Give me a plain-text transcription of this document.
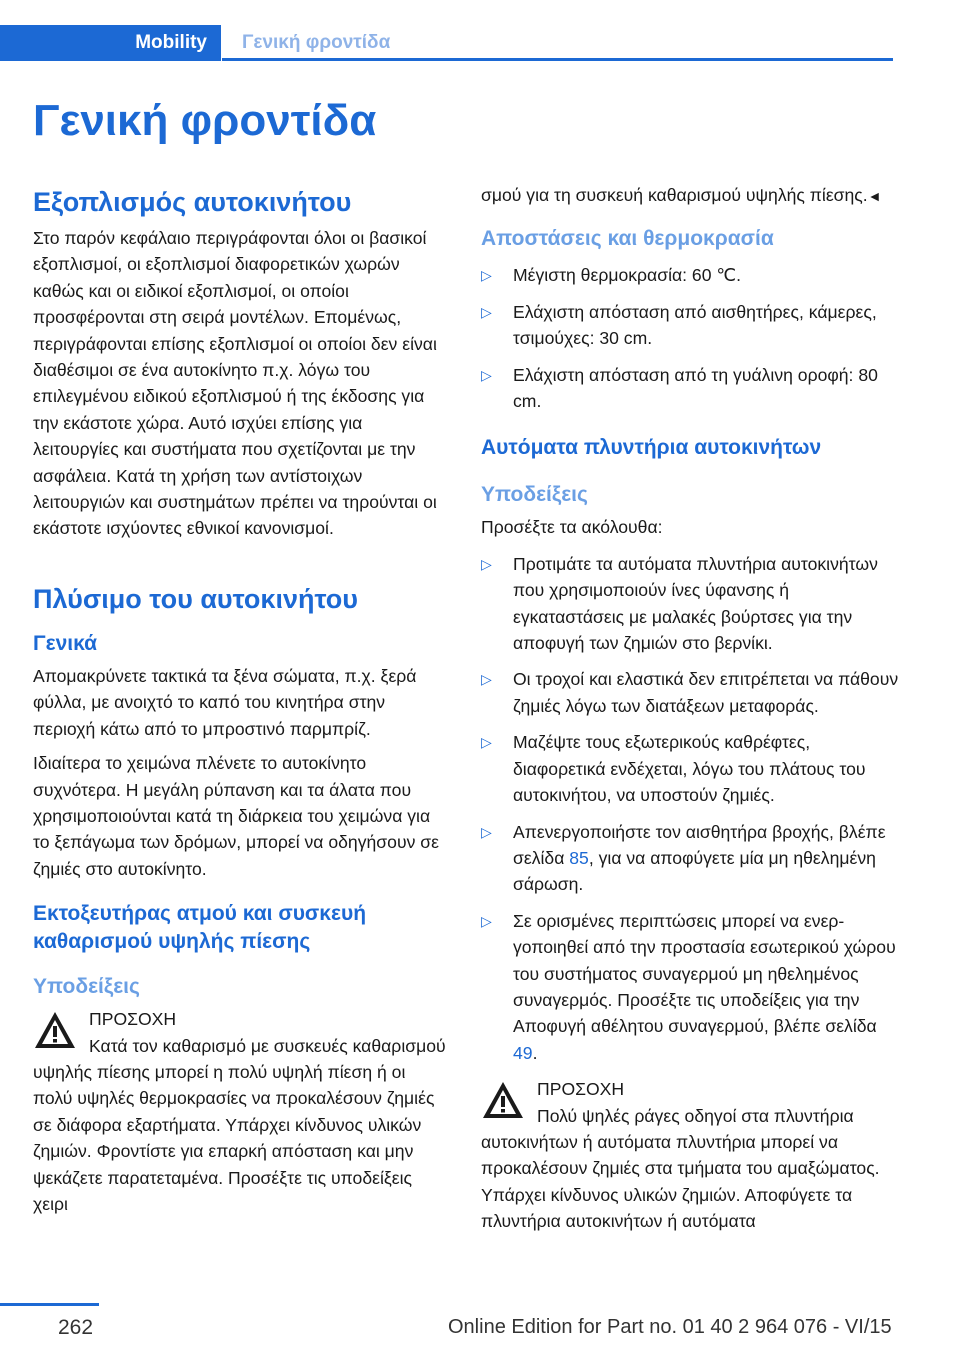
Mobility	Γενική φροντίδα
Γενική φροντίδα
Εξοπλισμός αυτοκινήτου

Στο παρόν κεφάλαιο περιγράφονται όλοι οι βασικοί εξοπλισμοί, οι εξοπλισμοί διαφορετικών χωρών καθώς και οι ειδικοί εξοπλισμοί, οι οποίοι προσφέρονται στη σειρά μοντέλων. Επομένως, περιγράφονται επίσης εξοπλισμοί οι οποίοι δεν είναι διαθέσιμοι σε ένα αυτοκίνητο π.χ. λόγω του επιλεγμένου ειδικού εξοπλισμού ή της έκδοσης για την εκάστοτε χώρα. Αυτό ισχύει επίσης για λειτουργίες και συστήματα που σχετίζονται με την ασφάλεια. Κατά τη χρήση των αντίστοιχων λειτουργιών και συστημάτων πρέπει να τηρούνται οι εκάστοτε ισχύοντες εθνικοί κανονισμοί.

Πλύσιμο του αυτοκινήτου
Γενικά

Απομακρύνετε τακτικά τα ξένα σώματα, π.χ. ξερά φύλλα, με ανοιχτό το καπό του κινητήρα στην περιοχή κάτω από το μπροστινό παρμπρίζ.

Ιδιαίτερα το χειμώνα πλένετε το αυτοκίνητο συχνότερα. Η μεγάλη ρύπανση και τα άλατα που χρησιμοποιούνται κατά τη διάρκεια του χειμώνα για το ξεπάγωμα των δρόμων, μπορεί να οδηγήσουν σε ζημιές στο αυτοκίνητο.

Εκτοξευτήρας ατμού και συσκευή καθαρισμού υψηλής πίεσης
Υποδείξεις
ΠΡΟΣΟΧΗ
Κατά τον καθαρισμό με συσκευές καθαρισμού υψηλής πίεσης μπορεί η πολύ υψηλή πίεση ή οι πολύ υψηλές θερμοκρασίες να προκαλέσουν ζημιές σε διάφορα εξαρτήματα. Υπάρχει κίνδυνος υλικών ζημιών. Φροντίστε για επαρκή απόσταση και μην ψεκάζετε παρατεταμένα. Προσέξτε τις υποδείξεις χειρι

σμού για τη συσκευή καθαρισμού υψηλής πίεσης.◄

Αποστάσεις και θερμοκρασία
▷ Μέγιστη θερμοκρασία: 60 ℃.
▷ Ελάχιστη απόσταση από αισθητήρες, κάμερες, τσιμούχες: 30 cm.
▷ Ελάχιστη απόσταση από τη γυάλινη οροφή: 80 cm.
Αυτόματα πλυντήρια αυτοκινήτων
Υποδείξεις

Προσέξτε τα ακόλουθα:

▷ Προτιμάτε τα αυτόματα πλυντήρια αυτοκινήτων που χρησιμοποιούν ίνες ύφανσης ή εγκαταστάσεις με μαλακές βούρτσες για την αποφυγή των ζημιών στο βερνίκι.
▷ Οι τροχοί και ελαστικά δεν επιτρέπεται να πάθουν ζημιές λόγω των διατάξεων μεταφοράς.
▷ Μαζέψτε τους εξωτερικούς καθρέφτες, διαφορετικά ενδέχεται, λόγω του πλάτους του αυτοκινήτου, να υποστούν ζημιές.
▷ Απενεργοποιήστε τον αισθητήρα βροχής, βλέπε σελίδα 85, για να αποφύγετε μία μη ηθελημένη σάρωση.
▷ Σε ορισμένες περιπτώσεις μπορεί να ενεργοποιηθεί από την προστασία εσωτερικού χώρου του συστήματος συναγερμού μη ηθελημένος συναγερμός. Προσέξτε τις υποδείξεις για την Αποφυγή αθέλητου συναγερμού, βλέπε σελίδα 49.
ΠΡΟΣΟΧΗ
Πολύ ψηλές ράγες οδηγοί στα πλυντήρια αυτοκινήτων ή αυτόματα πλυντήρια μπορεί να προκαλέσουν ζημιές στα τμήματα του αμαξώματος. Υπάρχει κίνδυνος υλικών ζημιών. Αποφύγετε τα πλυντήρια αυτοκινήτων ή αυτόματα
262	Online Edition for Part no. 01 40 2 964 076 - VI/15
